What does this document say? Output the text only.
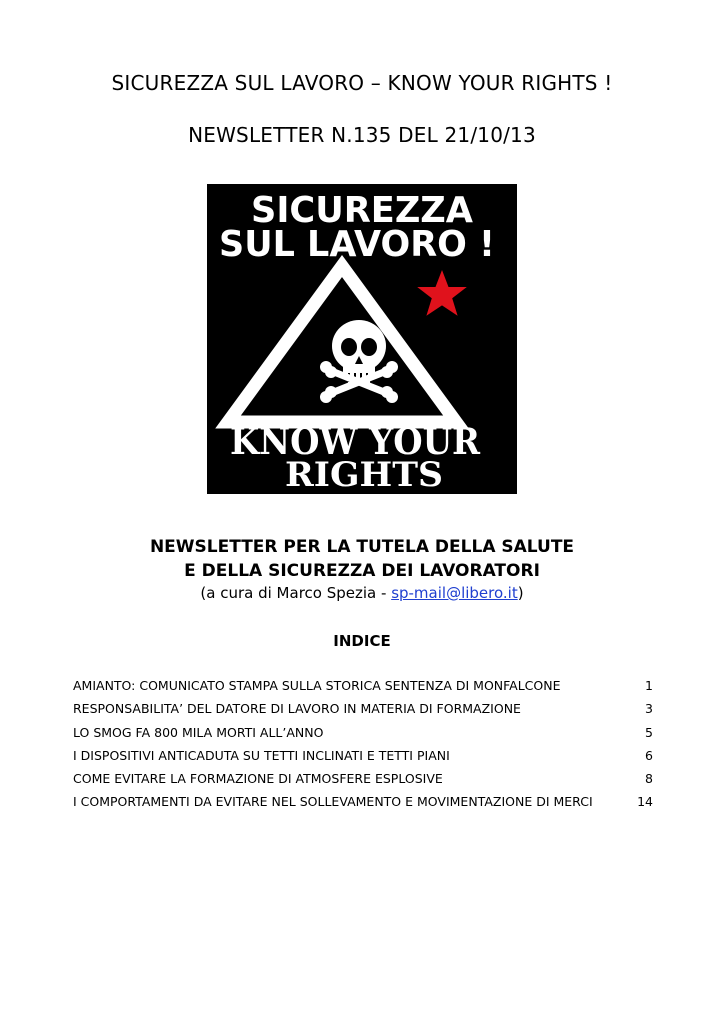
SICUREZZA SUL LAVORO – KNOW YOUR RIGHTS !
NEWSLETTER N.135 DEL 21/10/13
SICUREZZA
SUL LAVORO !
KNOW YOUR
RIGHTS
NEWSLETTER PER LA TUTELA DELLA SALUTE
E DELLA SICUREZZA DEI LAVORATORI
(a cura di Marco Spezia - sp-mail@libero.it)
INDICE
AMIANTO: COMUNICATO STAMPA SULLA STORICA SENTENZA DI MONFALCONE	1
RESPONSABILITA’ DEL DATORE DI LAVORO IN MATERIA DI FORMAZIONE	3
LO SMOG FA 800 MILA MORTI ALL’ANNO	5
I DISPOSITIVI ANTICADUTA SU TETTI INCLINATI E TETTI PIANI	6
COME EVITARE LA FORMAZIONE DI ATMOSFERE ESPLOSIVE	8
I COMPORTAMENTI DA EVITARE NEL SOLLEVAMENTO E MOVIMENTAZIONE DI MERCI	14
